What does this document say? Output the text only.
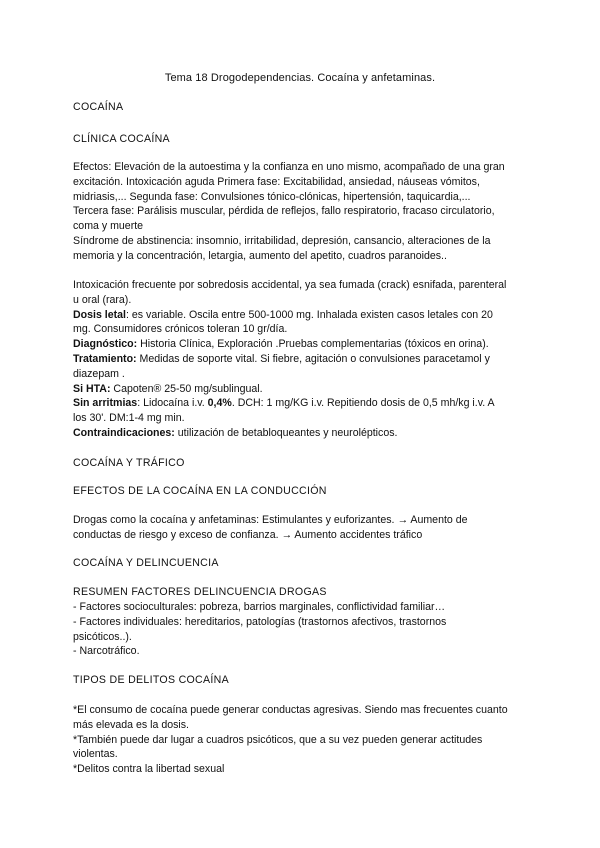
Tema 18 Drogodependencias. Cocaína y anfetaminas.
COCAÍNA
CLÍNICA COCAÍNA
Efectos: Elevación de la autoestima y la confianza en uno mismo, acompañado de una gran
excitación. Intoxicación aguda Primera fase: Excitabilidad, ansiedad, náuseas vómitos,
midriasis,... Segunda fase: Convulsiones tónico-clónicas, hipertensión, taquicardia,...
Tercera fase: Parálisis muscular, pérdida de reflejos, fallo respiratorio, fracaso circulatorio,
coma y muerte
Síndrome de abstinencia: insomnio, irritabilidad, depresión, cansancio, alteraciones de la
memoria y la concentración, letargia, aumento del apetito, cuadros paranoides..
Intoxicación frecuente por sobredosis accidental, ya sea fumada (crack) esnifada, parenteral
u oral (rara).
Dosis letal: es variable. Oscila entre 500-1000 mg. Inhalada existen casos letales con 20
mg. Consumidores crónicos toleran 10 gr/día.
Diagnóstico: Historia Clínica, Exploración .Pruebas complementarias (tóxicos en orina).
Tratamiento: Medidas de soporte vital. Si fiebre, agitación o convulsiones paracetamol y
diazepam .
Si HTA: Capoten® 25-50 mg/sublingual.
Sin arritmias: Lidocaína i.v. 0,4%. DCH: 1 mg/KG i.v. Repitiendo dosis de 0,5 mh/kg i.v. A
los 30'. DM:1-4 mg min.
Contraindicaciones: utilización de betabloqueantes y neurolépticos.
COCAÍNA Y TRÁFICO
EFECTOS DE LA COCAÍNA EN LA CONDUCCIÓN
Drogas como la cocaína y anfetaminas: Estimulantes y euforizantes. → Aumento de
conductas de riesgo y exceso de confianza. → Aumento accidentes tráfico
COCAÍNA Y DELINCUENCIA
RESUMEN FACTORES DELINCUENCIA DROGAS
- Factores socioculturales: pobreza, barrios marginales, conflictividad familiar…
- Factores individuales: hereditarios, patologías (trastornos afectivos, trastornos
psicóticos..).
- Narcotráfico.
TIPOS DE DELITOS COCAÍNA
*El consumo de cocaína puede generar conductas agresivas. Siendo mas frecuentes cuanto
más elevada es la dosis.
*También puede dar lugar a cuadros psicóticos, que a su vez pueden generar actitudes
violentas.
*Delitos contra la libertad sexual
